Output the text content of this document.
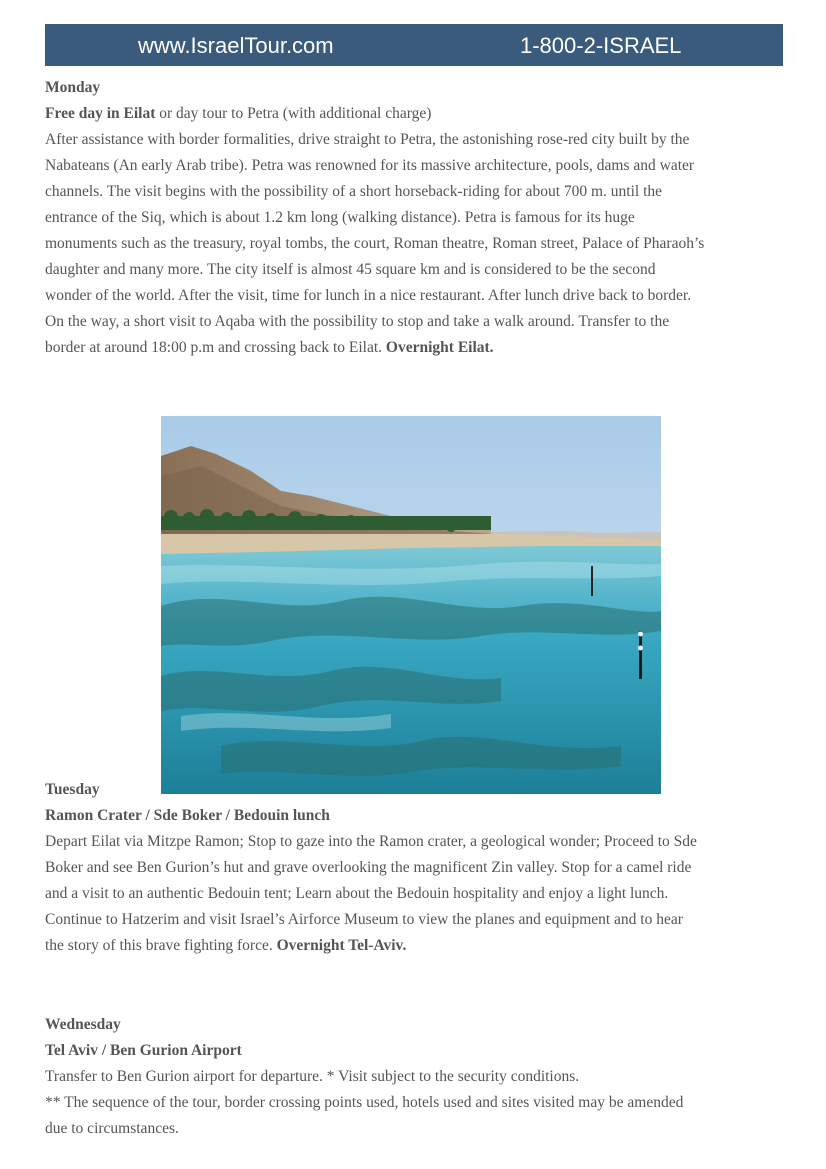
www.IsraelTour.com	1-800-2-ISRAEL

Monday

Free day in Eilat or day tour to Petra (with additional charge)

After assistance with border formalities, drive straight to Petra, the astonishing rose-red city built by the Nabateans (An early Arab tribe). Petra was renowned for its massive architecture, pools, dams and water channels. The visit begins with the possibility of a short horseback-riding for about 700 m. until the entrance of the Siq, which is about 1.2 km long (walking distance). Petra is famous for its huge monuments such as the treasury, royal tombs, the court, Roman theatre, Roman street, Palace of Pharaoh’s daughter and many more. The city itself is almost 45 square km and is considered to be the second wonder of the world. After the visit, time for lunch in a nice restaurant. After lunch drive back to border. On the way, a short visit to Aqaba with the possibility to stop and take a walk around. Transfer to the border at around 18:00 p.m and crossing back to Eilat. Overnight Eilat.

Tuesday

Ramon Crater / Sde Boker / Bedouin lunch

Depart Eilat via Mitzpe Ramon; Stop to gaze into the Ramon crater, a geological wonder; Proceed to Sde Boker and see Ben Gurion’s hut and grave overlooking the magnificent Zin valley. Stop for a camel ride and a visit to an authentic Bedouin tent; Learn about the Bedouin hospitality and enjoy a light lunch. Continue to Hatzerim and visit Israel’s Airforce Museum to view the planes and equipment and to hear the story of this brave fighting force. Overnight Tel-Aviv.

Wednesday

Tel Aviv / Ben Gurion Airport

Transfer to Ben Gurion airport for departure. * Visit subject to the security conditions.

** The sequence of the tour, border crossing points used, hotels used and sites visited may be amended due to circumstances.
